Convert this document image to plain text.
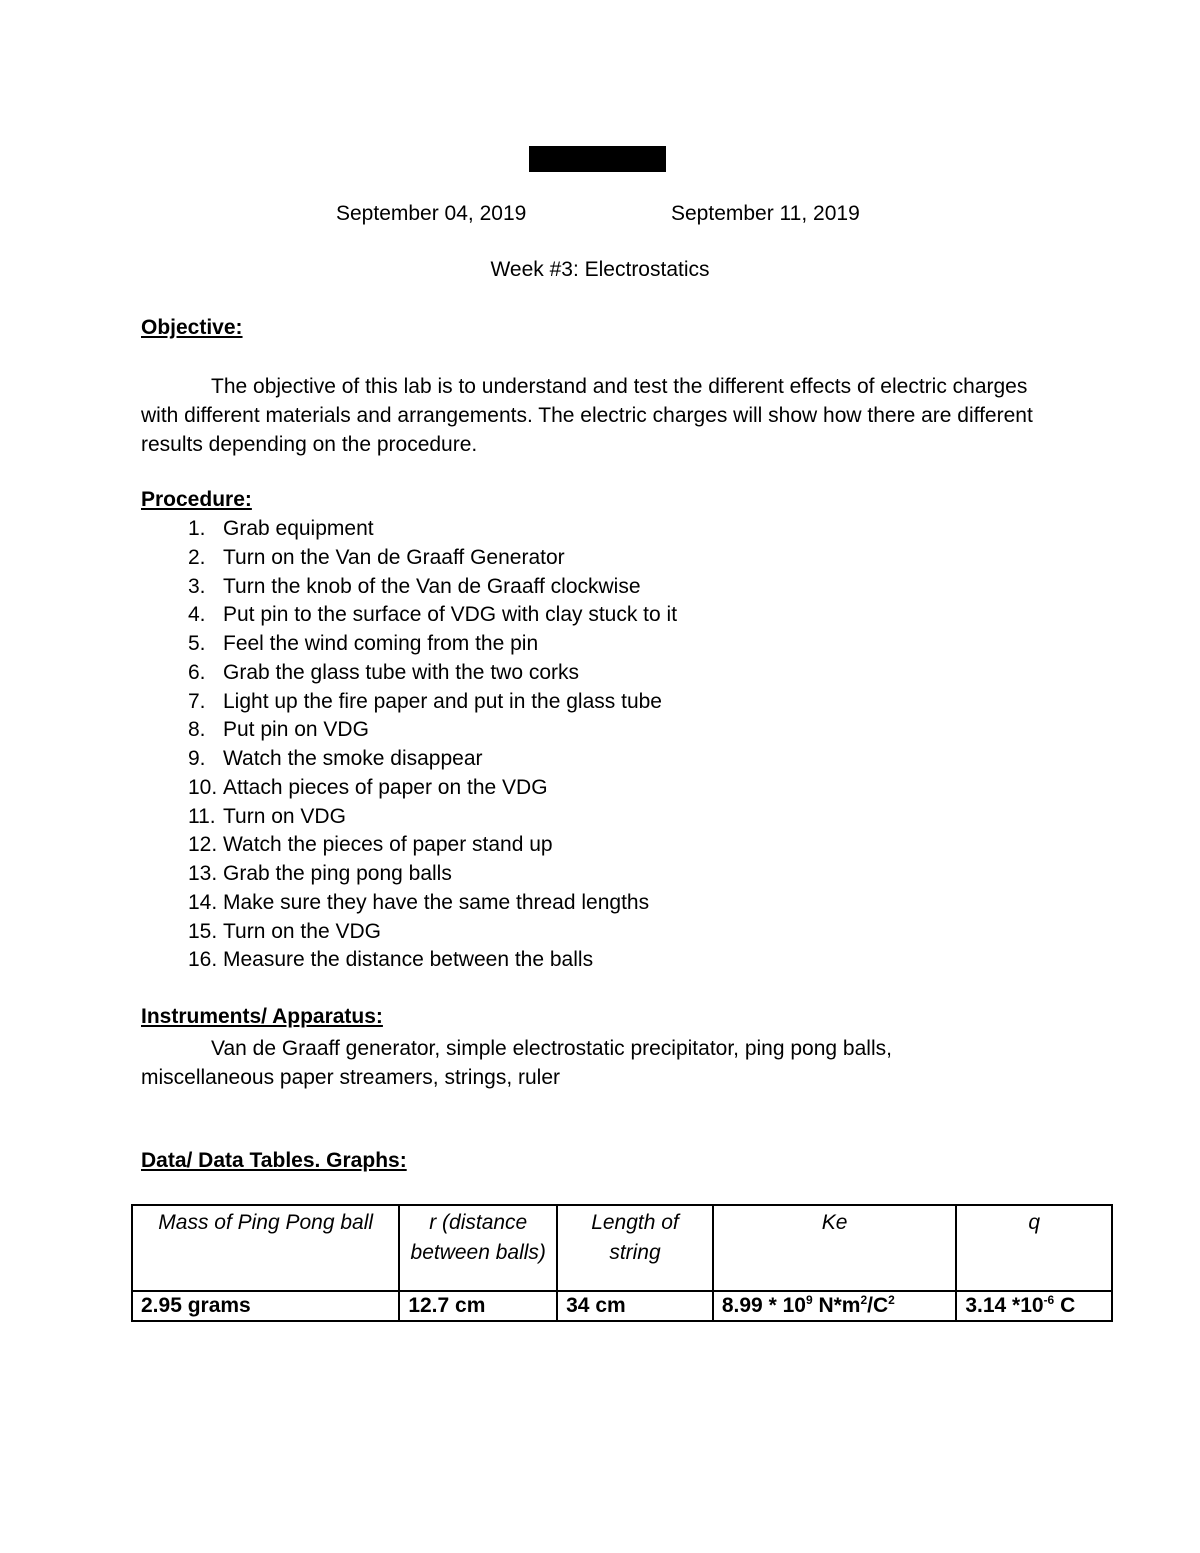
September 04, 2019	September 11, 2019
Week #3: Electrostatics
Objective:
The objective of this lab is to understand and test the different effects of electric charges with different materials and arrangements. The electric charges will show how there are different results depending on the procedure.
Procedure:
1. Grab equipment
2. Turn on the Van de Graaff Generator
3. Turn the knob of the Van de Graaff clockwise
4. Put pin to the surface of VDG with clay stuck to it
5. Feel the wind coming from the pin
6. Grab the glass tube with the two corks
7. Light up the fire paper and put in the glass tube
8. Put pin on VDG
9. Watch the smoke disappear
10. Attach pieces of paper on the VDG
11. Turn on VDG
12. Watch the pieces of paper stand up
13. Grab the ping pong balls
14. Make sure they have the same thread lengths
15. Turn on the VDG
16. Measure the distance between the balls
Instruments/ Apparatus:
Van de Graaff generator, simple electrostatic precipitator, ping pong balls,
miscellaneous paper streamers, strings, ruler
Data/ Data Tables. Graphs:
Mass of Ping Pong ball	r (distance between balls)	Length of string	Ke	q
2.95 grams	12.7 cm	34 cm	$8.99 * 10^9$ $N*m^2/C^2$	3.14 $*10^{-6}$ C
